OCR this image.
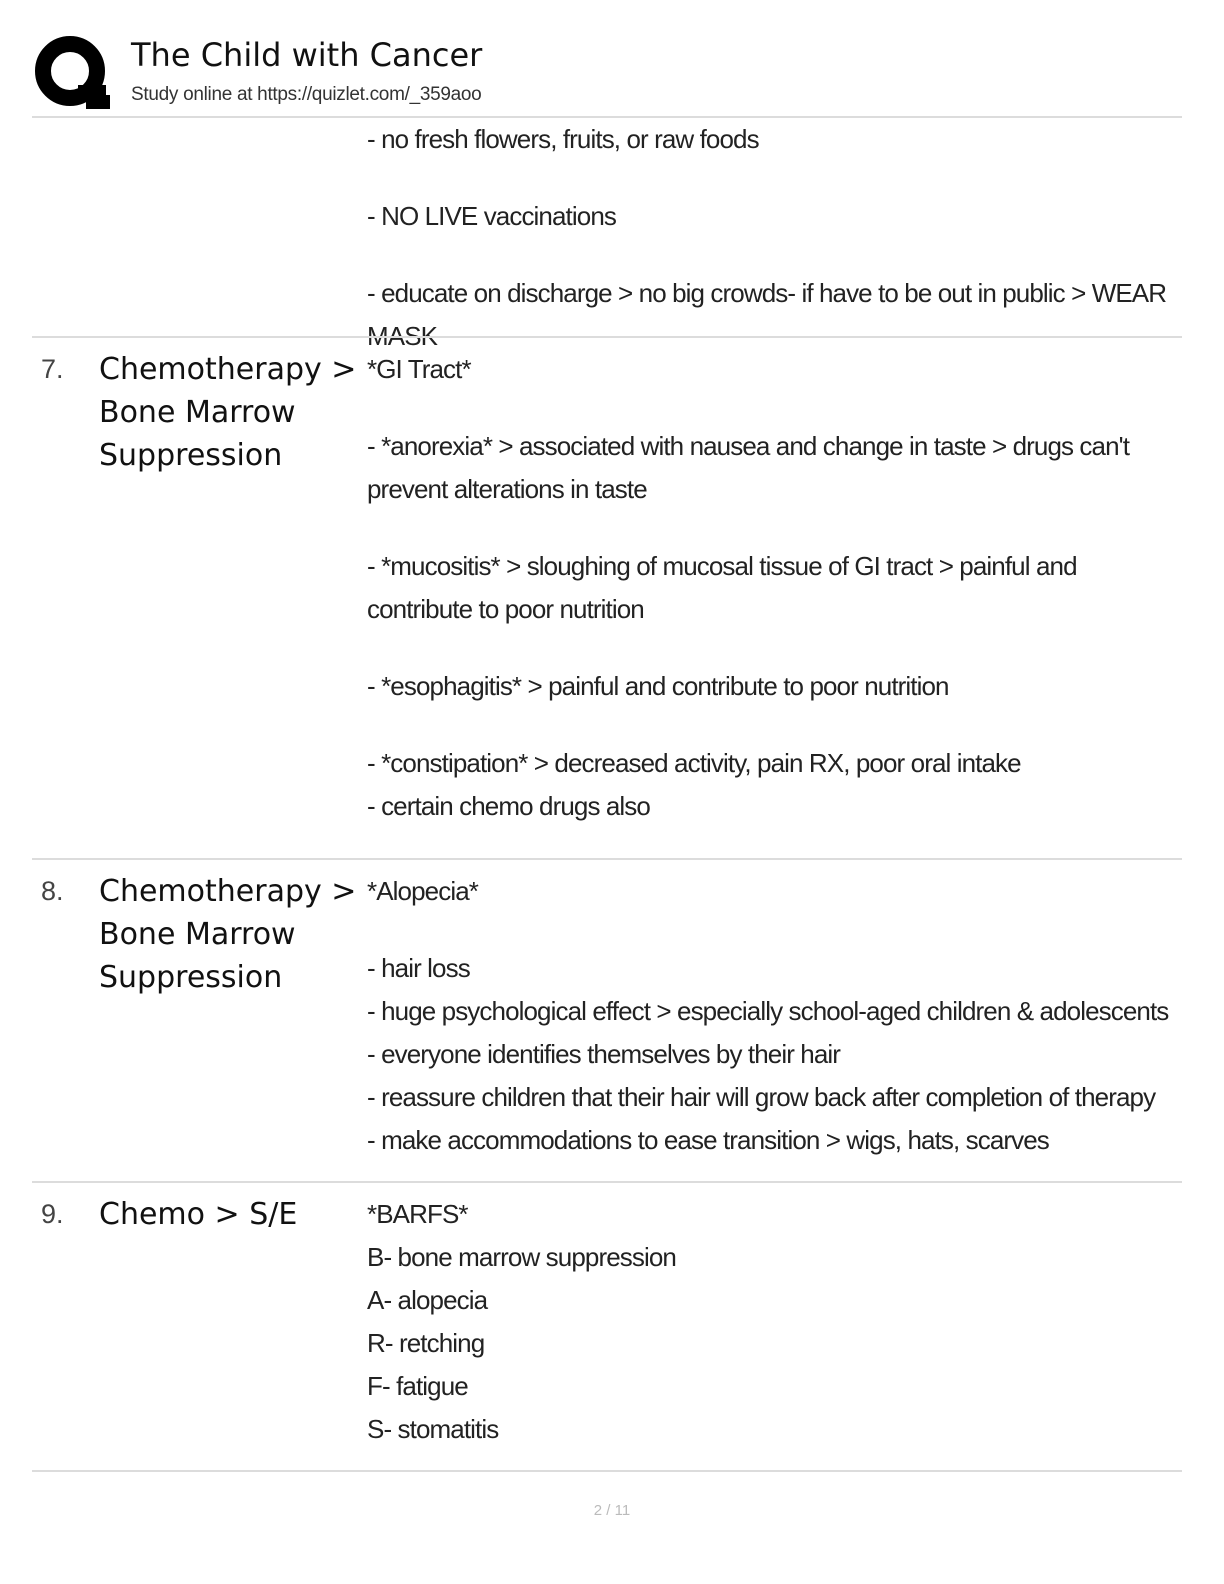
The Child with Cancer
Study online at https://quizlet.com/_359aoo
- no fresh flowers, fruits, or raw foods
- NO LIVE vaccinations
- educate on discharge > no big crowds- if have to be out in public > WEAR MASK
7. Chemotherapy > Bone Marrow Suppression
*GI Tract*
- *anorexia* > associated with nausea and change in taste > drugs can't prevent alterations in taste
- *mucositis* > sloughing of mucosal tissue of GI tract > painful and contribute to poor nutrition
- *esophagitis* > painful and contribute to poor nutrition
- *constipation* > decreased activity, pain RX, poor oral intake
- certain chemo drugs also
8. Chemotherapy > Bone Marrow Suppression
*Alopecia*
- hair loss
- huge psychological effect > especially school-aged children & adolescents
- everyone identifies themselves by their hair
- reassure children that their hair will grow back after completion of therapy
- make accommodations to ease transition > wigs, hats, scarves
9. Chemo > S/E	*BARFS*
B- bone marrow suppression
A- alopecia
R- retching
F- fatigue
S- stomatitis
2 / 11
